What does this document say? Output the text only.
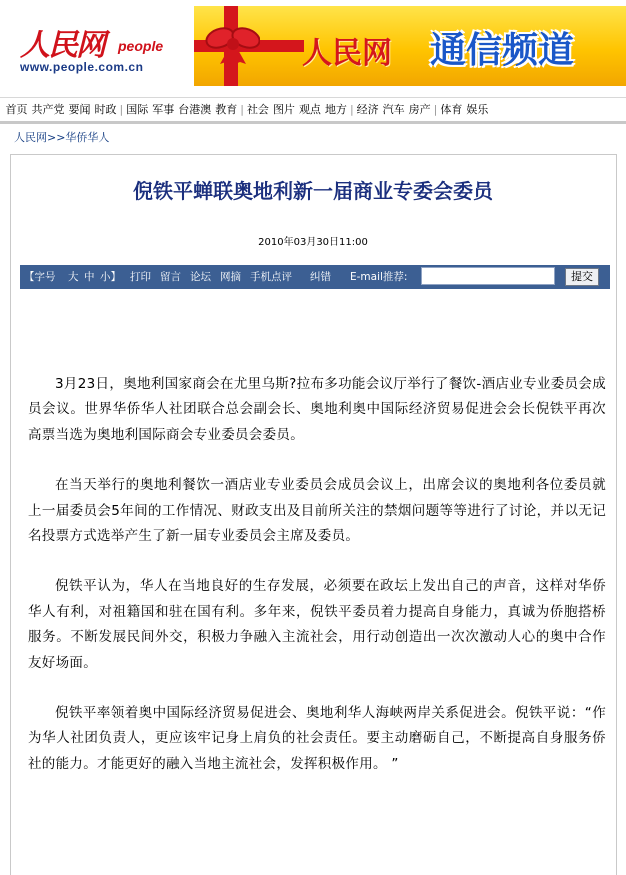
人民网 people
www.people.com.cn	人民网 通信频道
首页 共产党 要闻 时政 | 国际 军事 台港澳 教育 | 社会 图片 观点 地方 | 经济 汽车 房产 | 体育 娱乐
人民网>>华侨华人
倪铁平蝉联奥地利新一届商业专委会委员
2010年03月30日11:00
【字号 大 中 小】 打印 留言 论坛 网摘 手机点评 纠错 E-mail推荐:	提交

3月23日，奥地利国家商会在尤里乌斯?拉布多功能会议厅举行了餐饮-酒店业专业委员会成员会议。世界华侨华人社团联合总会副会长、奥地利奥中国际经济贸易促进会会长倪铁平再次高票当选为奥地利国际商会专业委员会委员。

在当天举行的奥地利餐饮一酒店业专业委员会成员会议上，出席会议的奥地利各位委员就上一届委员会5年间的工作情况、财政支出及目前所关注的禁烟问题等等进行了讨论，并以无记名投票方式选举产生了新一届专业委员会主席及委员。

倪铁平认为，华人在当地良好的生存发展，必须要在政坛上发出自己的声音，这样对华侨华人有利，对祖籍国和驻在国有利。多年来，倪铁平委员着力提高自身能力，真诚为侨胞搭桥服务。不断发展民间外交，积极力争融入主流社会，用行动创造出一次次激动人心的奥中合作友好场面。

倪铁平率领着奥中国际经济贸易促进会、奥地利华人海峡两岸关系促进会。倪铁平说：“作为华人社团负责人，更应该牢记身上肩负的社会责任。要主动磨砺自己，不断提高自身服务侨社的能力。才能更好的融入当地主流社会，发挥积极作用。 ”
